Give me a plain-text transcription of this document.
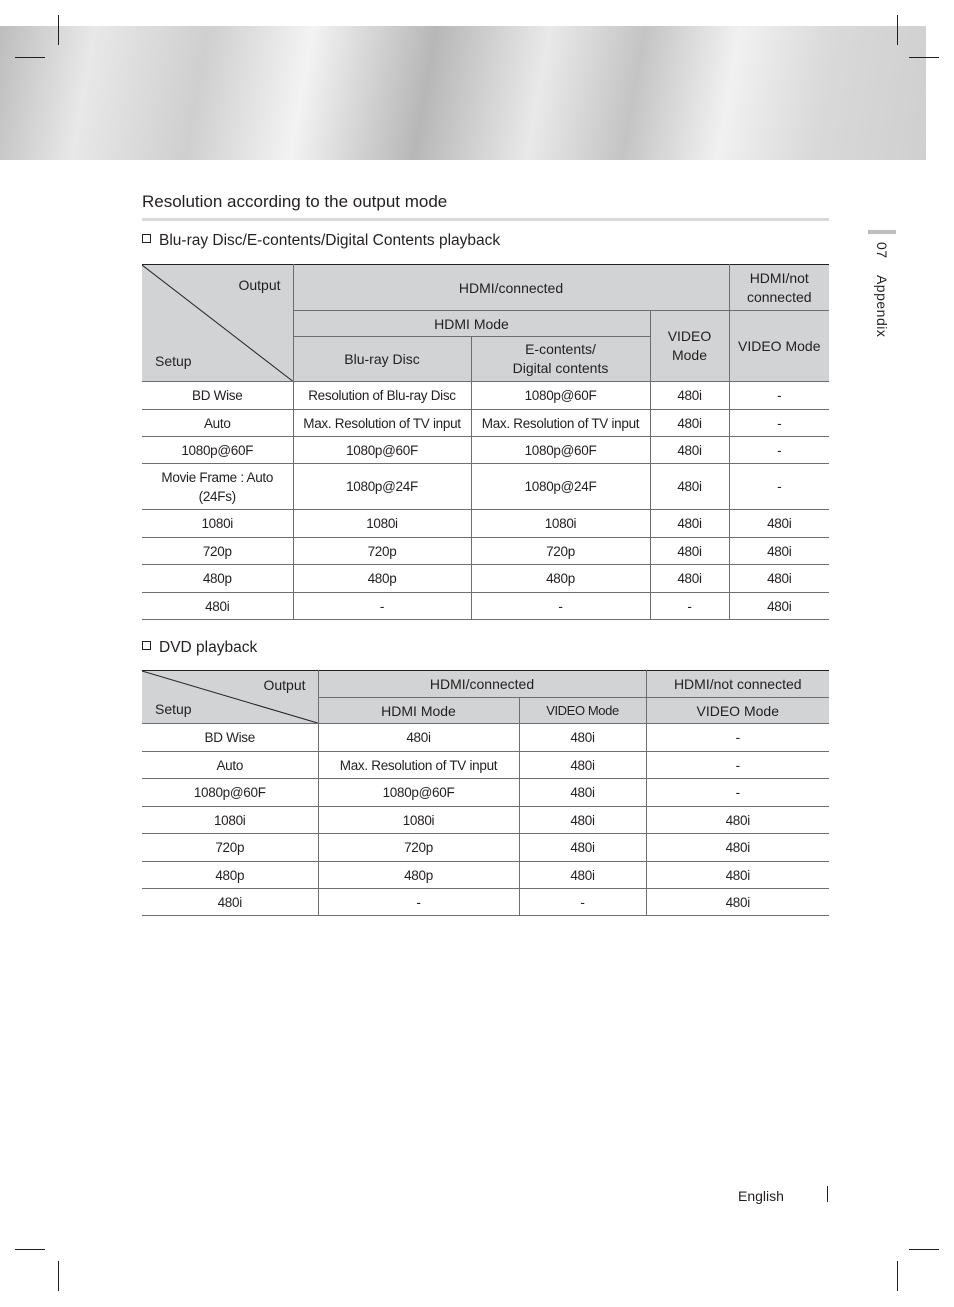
Resolution according to the output mode
07 Appendix
Blu-ray Disc/E-contents/Digital Contents playback
Output
Setup	HDMI/connected			HDMI/not connected
	HDMI Mode		VIDEO Mode	VIDEO Mode
	Blu-ray Disc	E-contents/ Digital contents		
BD Wise	Resolution of Blu-ray Disc	1080p@60F	480i	-
Auto	Max. Resolution of TV input	Max. Resolution of TV input	480i	-
1080p@60F	1080p@60F	1080p@60F	480i	-
Movie Frame : Auto (24Fs)	1080p@24F	1080p@24F	480i	-
1080i	1080i	1080i	480i	480i
720p	720p	720p	480i	480i
480p	480p	480p	480i	480i
480i	-	-	-	480i
DVD playback
Output
Setup	HDMI/connected		HDMI/not connected
	HDMI Mode	VIDEO Mode	VIDEO Mode
BD Wise	480i	480i	-
Auto	Max. Resolution of TV input	480i	-
1080p@60F	1080p@60F	480i	-
1080i	1080i	480i	480i
720p	720p	480i	480i
480p	480p	480i	480i
480i	-	-	480i
English
